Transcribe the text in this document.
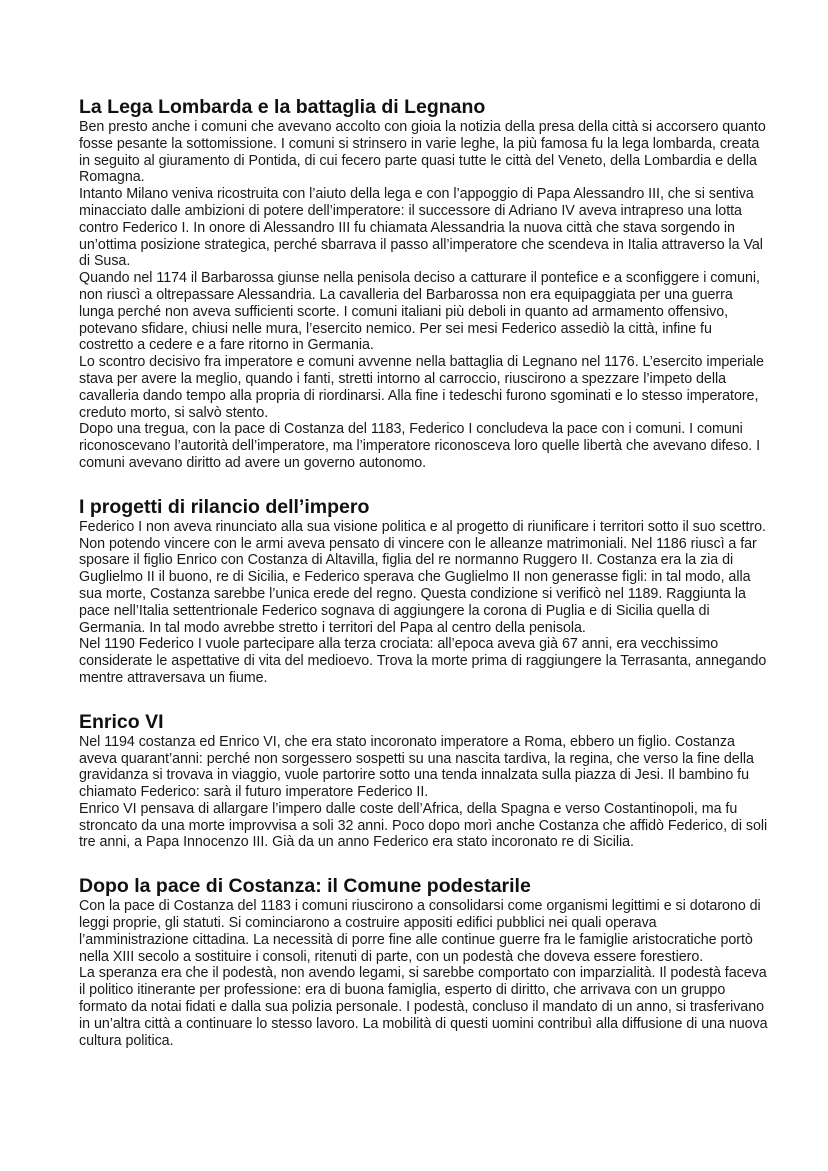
La Lega Lombarda e la battaglia di Legnano

Ben presto anche i comuni che avevano accolto con gioia la notizia della presa della città si accorsero quanto fosse pesante la sottomissione. I comuni si strinsero in varie leghe, la più famosa fu la lega lombarda, creata in seguito al giuramento di Pontida, di cui fecero parte quasi tutte le città del Veneto, della Lombardia e della Romagna.

Intanto Milano veniva ricostruita con l’aiuto della lega e con l’appoggio di Papa Alessandro III, che si sentiva minacciato dalle ambizioni di potere dell’imperatore: il successore di Adriano IV aveva intrapreso una lotta contro Federico I. In onore di Alessandro III fu chiamata Alessandria la nuova città che stava sorgendo in un’ottima posizione strategica, perché sbarrava il passo all’imperatore che scendeva in Italia attraverso la Val di Susa.

Quando nel 1174 il Barbarossa giunse nella penisola deciso a catturare il pontefice e a sconfiggere i comuni, non riuscì a oltrepassare Alessandria. La cavalleria del Barbarossa non era equipaggiata per una guerra lunga perché non aveva sufficienti scorte. I comuni italiani più deboli in quanto ad armamento offensivo, potevano sfidare, chiusi nelle mura, l’esercito nemico. Per sei mesi Federico assediò la città, infine fu costretto a cedere e a fare ritorno in Germania.

Lo scontro decisivo fra imperatore e comuni avvenne nella battaglia di Legnano nel 1176. L’esercito imperiale stava per avere la meglio, quando i fanti, stretti intorno al carroccio, riuscirono a spezzare l’impeto della cavalleria dando tempo alla propria di riordinarsi. Alla fine i tedeschi furono sgominati e lo stesso imperatore, creduto morto, si salvò stento.

Dopo una tregua, con la pace di Costanza del 1183, Federico I concludeva la pace con i comuni. I comuni riconoscevano l’autorità dell’imperatore, ma l’imperatore riconosceva loro quelle libertà che avevano difeso. I comuni avevano diritto ad avere un governo autonomo.

I progetti di rilancio dell’impero

Federico I non aveva rinunciato alla sua visione politica e al progetto di riunificare i territori sotto il suo scettro. Non potendo vincere con le armi aveva pensato di vincere con le alleanze matrimoniali. Nel 1186 riuscì a far sposare il figlio Enrico con Costanza di Altavilla, figlia del re normanno Ruggero II. Costanza era la zia di Guglielmo II il buono, re di Sicilia, e Federico sperava che Guglielmo II non generasse figli: in tal modo, alla sua morte, Costanza sarebbe l’unica erede del regno. Questa condizione si verificò nel 1189. Raggiunta la pace nell’Italia settentrionale Federico sognava di aggiungere la corona di Puglia e di Sicilia quella di Germania. In tal modo avrebbe stretto i territori del Papa al centro della penisola.

Nel 1190 Federico I vuole partecipare alla terza crociata: all’epoca aveva già 67 anni, era vecchissimo considerate le aspettative di vita del medioevo. Trova la morte prima di raggiungere la Terrasanta, annegando mentre attraversava un fiume.

Enrico VI

Nel 1194 costanza ed Enrico VI, che era stato incoronato imperatore a Roma, ebbero un figlio. Costanza aveva quarant’anni: perché non sorgessero sospetti su una nascita tardiva, la regina, che verso la fine della gravidanza si trovava in viaggio, vuole partorire sotto una tenda innalzata sulla piazza di Jesi. Il bambino fu chiamato Federico: sarà il futuro imperatore Federico II.

Enrico VI pensava di allargare l’impero dalle coste dell’Africa, della Spagna e verso Costantinopoli, ma fu stroncato da una morte improvvisa a soli 32 anni. Poco dopo morì anche Costanza che affidò Federico, di soli tre anni, a Papa Innocenzo III. Già da un anno Federico era stato incoronato re di Sicilia.

Dopo la pace di Costanza: il Comune podestarile

Con la pace di Costanza del 1183 i comuni riuscirono a consolidarsi come organismi legittimi e si dotarono di leggi proprie, gli statuti. Si cominciarono a costruire appositi edifici pubblici nei quali operava l’amministrazione cittadina. La necessità di porre fine alle continue guerre fra le famiglie aristocratiche portò nella XIII secolo a sostituire i consoli, ritenuti di parte, con un podestà che doveva essere forestiero.

La speranza era che il podestà, non avendo legami, si sarebbe comportato con imparzialità. Il podestà faceva il politico itinerante per professione: era di buona famiglia, esperto di diritto, che arrivava con un gruppo formato da notai fidati e dalla sua polizia personale. I podestà, concluso il mandato di un anno, si trasferivano in un’altra città a continuare lo stesso lavoro. La mobilità di questi uomini contribuì alla diffusione di una nuova cultura politica.
